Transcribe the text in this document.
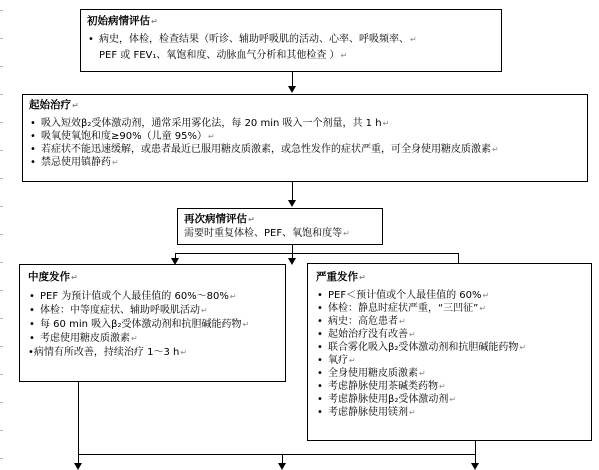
初始病情评估↵
• 病史，体检，检查结果（听诊、辅助呼吸肌的活动、心率、呼吸频率、↵
PEF 或 FEV₁、氧饱和度、动脉血气分析和其他检查 ）↵
起始治疗↵
• 吸入短效β₂受体激动剂，通常采用雾化法，每 20 min 吸入一个剂量，共 1 h↵
• 吸氧使氧饱和度≥90%（儿童 95%）↵
• 若症状不能迅速缓解，或患者最近已服用糖皮质激素，或急性发作的症状严重，可全身使用糖皮质激素↵
• 禁忌使用镇静药↵
再次病情评估↵
需要时重复体检、PEF、氧饱和度等↵
中度发作↵
• PEF 为预计值或个人最佳值的 60%～80%↵
• 体检：中等度症状、辅助呼吸肌活动↵
• 每 60 min 吸入β₂受体激动剂和抗胆碱能药物↵
• 考虑使用糖皮质激素↵
•病情有所改善，持续治疗 1～3 h↵
严重发作↵
• PEF＜预计值或个人最佳值的 60%↵
• 体检：静息时症状严重，“三凹征”↵
• 病史：高危患者↵
• 起始治疗没有改善↵
• 联合雾化吸入β₂受体激动剂和抗胆碱能药物↵
• 氧疗↵
• 全身使用糖皮质激素↵
• 考虑静脉使用茶碱类药物↵
• 考虑静脉使用β₂受体激动剂↵
• 考虑静脉使用镁剂↵
